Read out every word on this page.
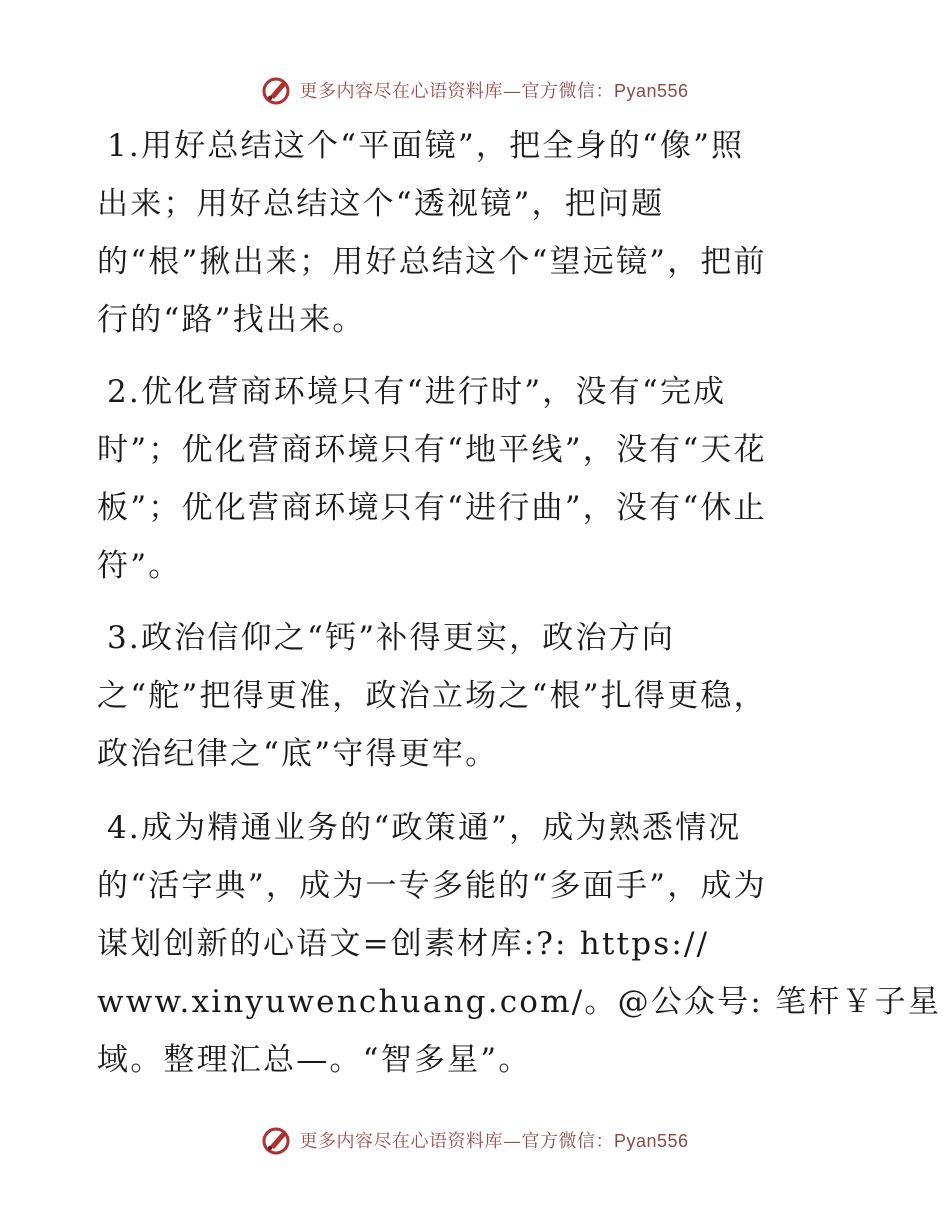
更多内容尽在心语资料库—官方微信：Pyan556
1.用好总结这个“平面镜”，把全身的“像”照
出来；用好总结这个“透视镜”，把问题
的“根”揪出来；用好总结这个“望远镜”，把前
行的“路”找出来。
2.优化营商环境只有“进行时”，没有“完成
时”；优化营商环境只有“地平线”，没有“天花
板”；优化营商环境只有“进行曲”，没有“休止
符”。
3.政治信仰之“钙”补得更实，政治方向
之“舵”把得更准，政治立场之“根”扎得更稳，
政治纪律之“底”守得更牢。
4.成为精通业务的“政策通”，成为熟悉情况
的“活字典”，成为一专多能的“多面手”，成为
谋划创新的心语文=创素材库:?: https://
www.xinyuwenchuang.com/。@公众号: 笔杆￥子星
域。整理汇总—。“智多星”。
更多内容尽在心语资料库—官方微信：Pyan556
